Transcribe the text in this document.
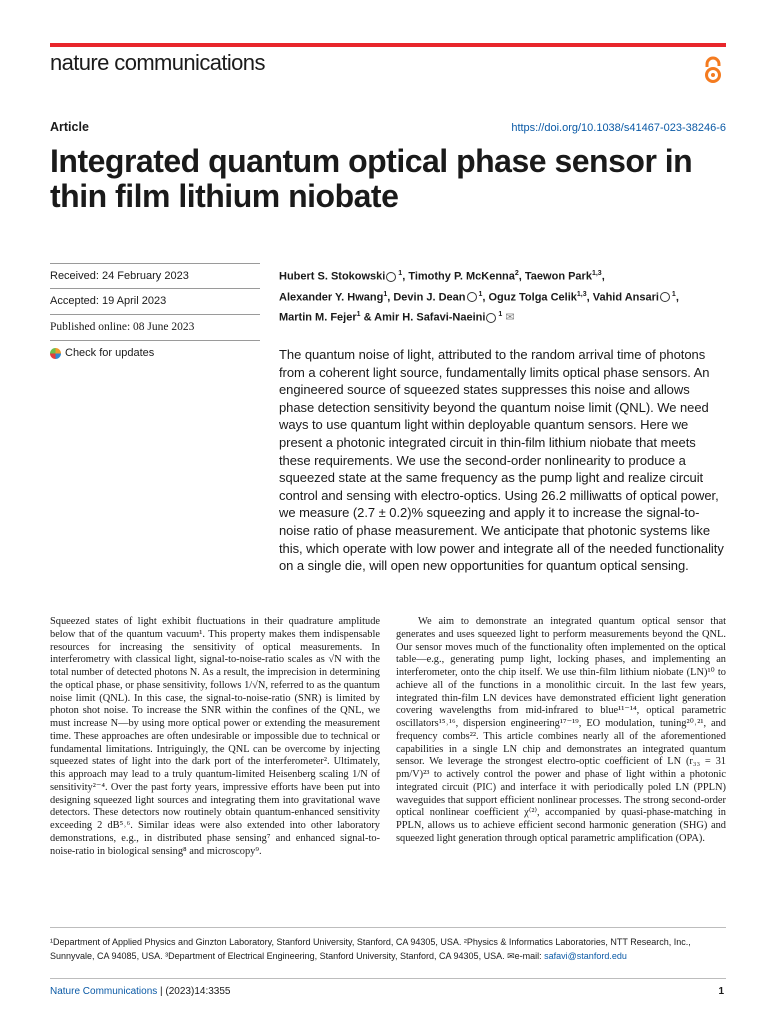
nature communications
Article	https://doi.org/10.1038/s41467-023-38246-6
Integrated quantum optical phase sensor in thin film lithium niobate
Received: 24 February 2023
Accepted: 19 April 2023
Published online: 08 June 2023
Check for updates
Hubert S. Stokowski $^1$, Timothy P. McKenna$^2$, Taewon Park$^{1,3}$,
Alexander Y. Hwang$^1$, Devin J. Dean $^1$, Oguz Tolga Celik$^{1,3}$, Vahid Ansari $^1$,
Martin M. Fejer$^1$ & Amir H. Safavi-Naeini $^1$ ✉
The quantum noise of light, attributed to the random arrival time of photons from a coherent light source, fundamentally limits optical phase sensors. An engineered source of squeezed states suppresses this noise and allows phase detection sensitivity beyond the quantum noise limit (QNL). We need ways to use quantum light within deployable quantum sensors. Here we present a photonic integrated circuit in thin-film lithium niobate that meets these requirements. We use the second-order nonlinearity to produce a squeezed state at the same frequency as the pump light and realize circuit control and sensing with electro-optics. Using 26.2 milliwatts of optical power, we measure (2.7 ± 0.2)% squeezing and apply it to increase the signal-to-noise ratio of phase measurement. We anticipate that photonic systems like this, which operate with low power and integrate all of the needed functionality on a single die, will open new opportunities for quantum optical sensing.
Squeezed states of light exhibit fluctuations in their quadrature amplitude below that of the quantum vacuum¹. This property makes them indispensable resources for increasing the sensitivity of optical measurements. In interferometry with classical light, signal-to-noise-ratio scales as √N with the total number of detected photons N. As a result, the imprecision in determining the optical phase, or phase sensitivity, follows 1/√N, referred to as the quantum noise limit (QNL). In this case, the signal-to-noise-ratio (SNR) is limited by photon shot noise. To increase the SNR within the confines of the QNL, we must increase N—by using more optical power or extending the measurement time. These approaches are often undesirable or impossible due to technical or fundamental limitations. Intriguingly, the QNL can be overcome by injecting squeezed states of light into the dark port of the interferometer². Ultimately, this approach may lead to a truly quantum-limited Heisenberg scaling 1/N of sensitivity²⁻⁴. Over the past forty years, impressive efforts have been put into designing squeezed light sources and integrating them into gravitational wave detectors. These detectors now routinely obtain quantum-enhanced sensitivity exceeding 2 dB⁵˒⁶. Similar ideas were also extended into other laboratory demonstrations, e.g., in distributed phase sensing⁷ and enhanced signal-to-noise-ratio in biological sensing⁸ and microscopy⁹.
We aim to demonstrate an integrated quantum optical sensor that generates and uses squeezed light to perform measurements beyond the QNL. Our sensor moves much of the functionality often implemented on the optical table—e.g., generating pump light, locking phases, and implementing an interferometer, onto the chip itself. We use thin-film lithium niobate (LN)¹⁰ to achieve all of the functions in a monolithic circuit. In the last few years, integrated thin-film LN devices have demonstrated efficient light generation covering wavelengths from mid-infrared to blue¹¹⁻¹⁴, optical parametric oscillators¹⁵˒¹⁶, dispersion engineering¹⁷⁻¹⁹, EO modulation, tuning²⁰˒²¹, and frequency combs²². This article combines nearly all of the aforementioned capabilities in a single LN chip and demonstrates an integrated quantum sensor. We leverage the strongest electro-optic coefficient of LN (r₃₃ = 31 pm/V)²³ to actively control the power and phase of light within a photonic integrated circuit (PIC) and interface it with periodically poled LN (PPLN) waveguides that support efficient nonlinear processes. The strong second-order optical nonlinear coefficient χ⁽²⁾, accompanied by quasi-phase-matching in PPLN, allows us to achieve efficient second harmonic generation (SHG) and squeezed light generation through optical parametric amplification (OPA).
¹Department of Applied Physics and Ginzton Laboratory, Stanford University, Stanford, CA 94305, USA. ²Physics & Informatics Laboratories, NTT Research, Inc., Sunnyvale, CA 94085, USA. ³Department of Electrical Engineering, Stanford University, Stanford, CA 94305, USA. ✉e-mail: safavi@stanford.edu
Nature Communications | (2023)14:3355	1
